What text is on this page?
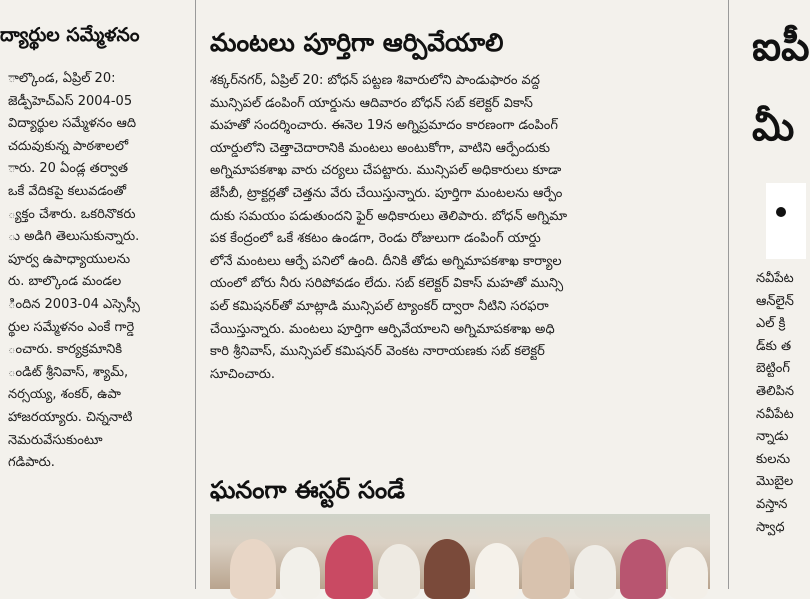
ద్యార్థుల సమ్మేళనం
ాల్కొండ, ఏప్రిల్ 20:
జెడ్పీహెచ్ఎస్ 2004-05
విద్యార్థుల సమ్మేళనం ఆది
చదువుకున్న పాఠశాలలో
ారు. 20 ఏండ్ల తర్వాత
ఒకే వేదికపై కలువడంతో
్యక్తం చేశారు. ఒకరినొకరు
ు అడిగి తెలుసుకున్నారు.
పూర్వ ఉపాధ్యాయులను
రు. బాల్కొండ మండల
ిందిన 2003-04 ఎస్సెస్సీ
ర్థుల సమ్మేళనం ఎంకే గార్డె
ంచారు. కార్యక్రమానికి
ండిట్ శ్రీనివాస్, శ్యామ్,
నర్సయ్య, శంకర్, ఉపా
హాజరయ్యారు. చిన్ననాటి
నెమరువేసుకుంటూ
గడిపారు.
మంటలు పూర్తిగా ఆర్పివేయాలి
శక్కర్‌నగర్, ఏప్రిల్ 20: బోధన్ పట్టణ శివారులోని పాండుఫారం వద్ద
మున్సిపల్ డంపింగ్ యార్డును ఆదివారం బోధన్ సబ్ కలెక్టర్ వికాస్
మహతో సందర్శించారు. ఈనెల 19న అగ్నిప్రమాదం కారణంగా డంపింగ్
యార్డులోని చెత్తాచెదారానికి మంటలు అంటుకోగా, వాటిని ఆర్పేందుకు
అగ్నిమాపకశాఖ వారు చర్యలు చేపట్టారు. మున్సిపల్ అధికారులు కూడా
జేసీబీ, ట్రాక్టర్లతో చెత్తను వేరు చేయిస్తున్నారు. పూర్తిగా మంటలను ఆర్పేం
దుకు సమయం పడుతుందని ఫైర్ అధికారులు తెలిపారు. బోధన్ అగ్నిమా
పక కేంద్రంలో ఒకే శకటం ఉండగా, రెండు రోజులుగా డంపింగ్ యార్డు
లోనే మంటలు ఆర్పే పనిలో ఉంది. దీనికి తోడు అగ్నిమాపకశాఖ కార్యాల
యంలో బోరు నీరు సరిపోవడం లేదు. సబ్ కలెక్టర్ వికాస్ మహతో మున్సి
పల్ కమిషనర్‌తో మాట్లాడి మున్సిపల్ ట్యాంకర్ ద్వారా నీటిని సరఫరా
చేయిస్తున్నారు. మంటలు పూర్తిగా ఆర్పివేయాలని అగ్నిమాపకశాఖ అధి
కారి శ్రీనివాస్, మున్సిపల్ కమిషనర్ వెంకట నారాయణకు సబ్ కలెక్టర్
సూచించారు.
ఘనంగా ఈస్టర్ సండే
ఐపీ
మీ
నవీపేట
ఆన్‌లైన్
ఎల్ క్రి
డ్‌కు త
బెట్టింగ్
తెలిపిన
నవీపేట
న్నాడు
కులను
మొబైల
వస్తాన
స్వాధ
